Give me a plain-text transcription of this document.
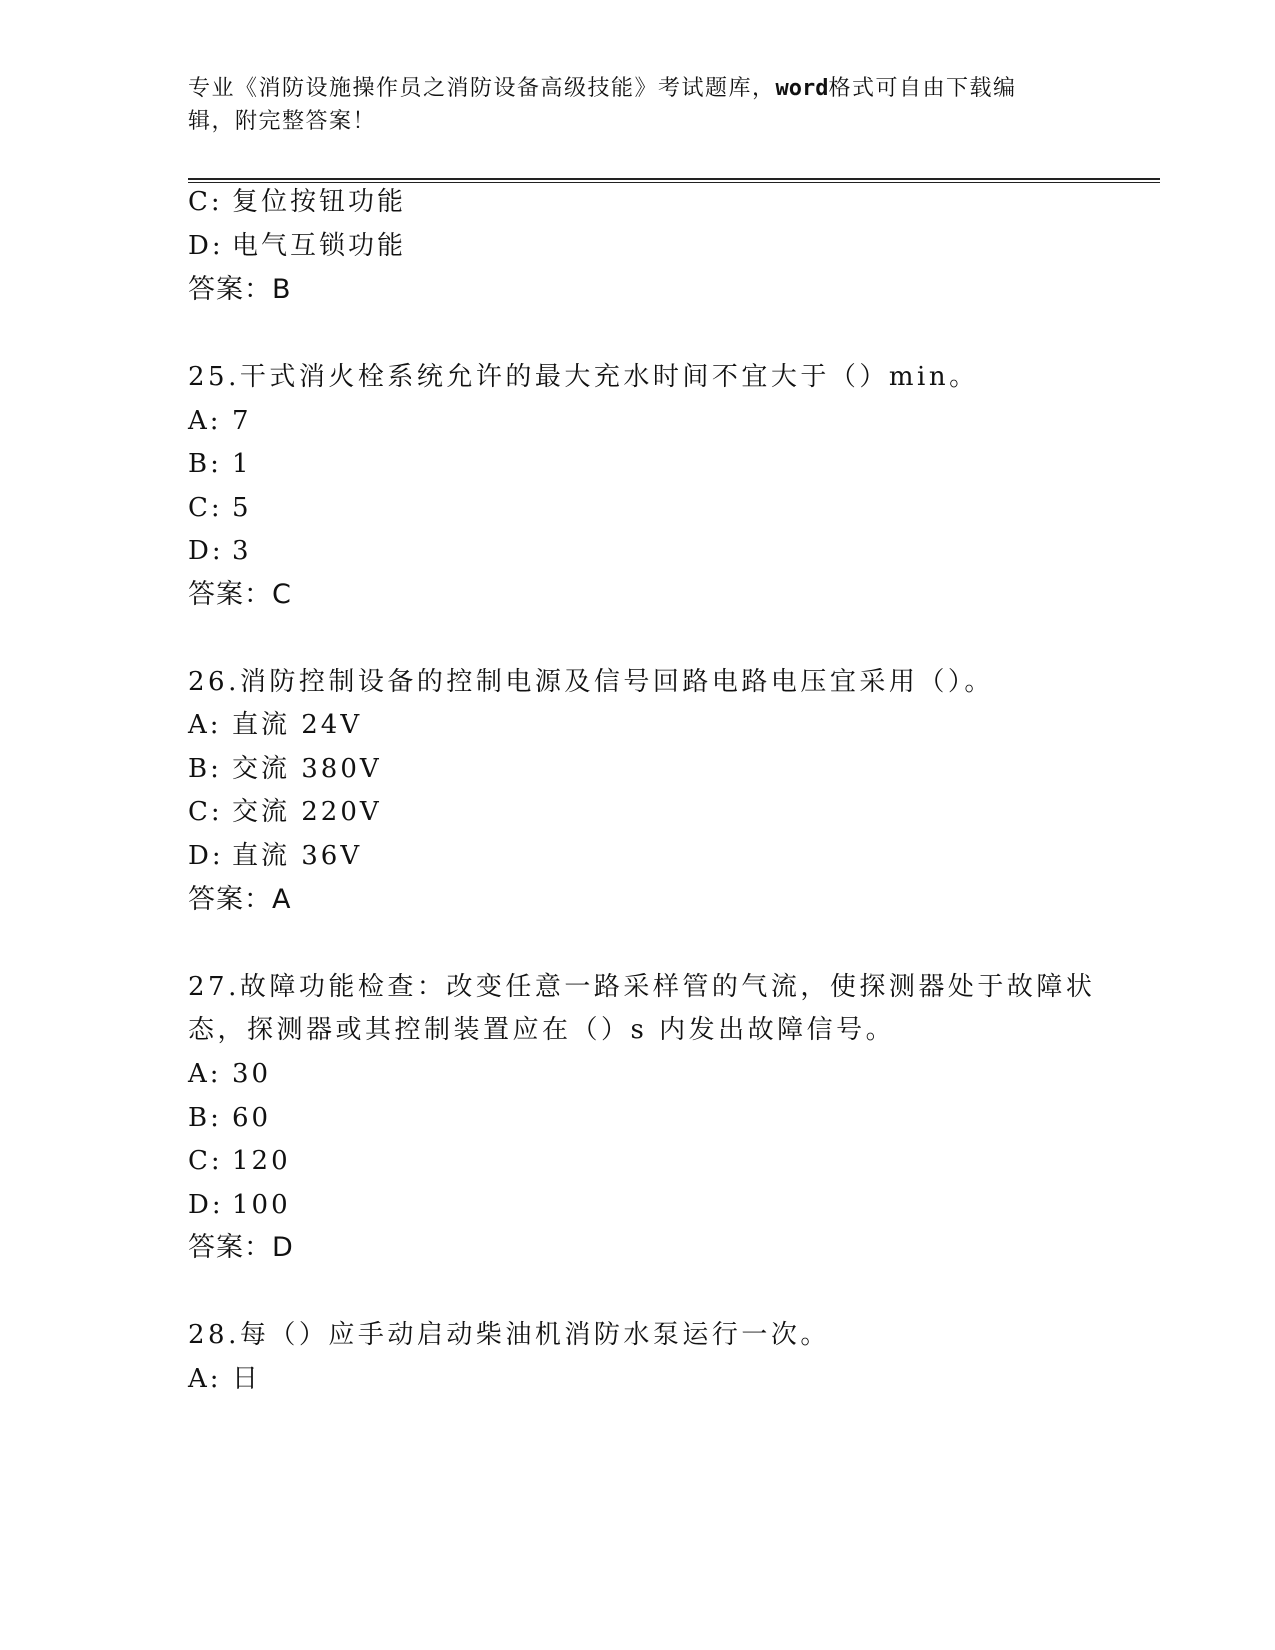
专业《消防设施操作员之消防设备高级技能》考试题库，word格式可自由下载编
辑，附完整答案！
C: 复位按钮功能
D: 电气互锁功能
答案：B
25.干式消火栓系统允许的最大充水时间不宜大于（）min。
A: 7
B: 1
C: 5
D: 3
答案：C
26.消防控制设备的控制电源及信号回路电路电压宜采用（）。
A: 直流 24V
B: 交流 380V
C: 交流 220V
D: 直流 36V
答案：A
27.故障功能检查：改变任意一路采样管的气流，使探测器处于故障状
态，探测器或其控制装置应在（）s 内发出故障信号。
A: 30
B: 60
C: 120
D: 100
答案：D
28.每（）应手动启动柴油机消防水泵运行一次。
A: 日
